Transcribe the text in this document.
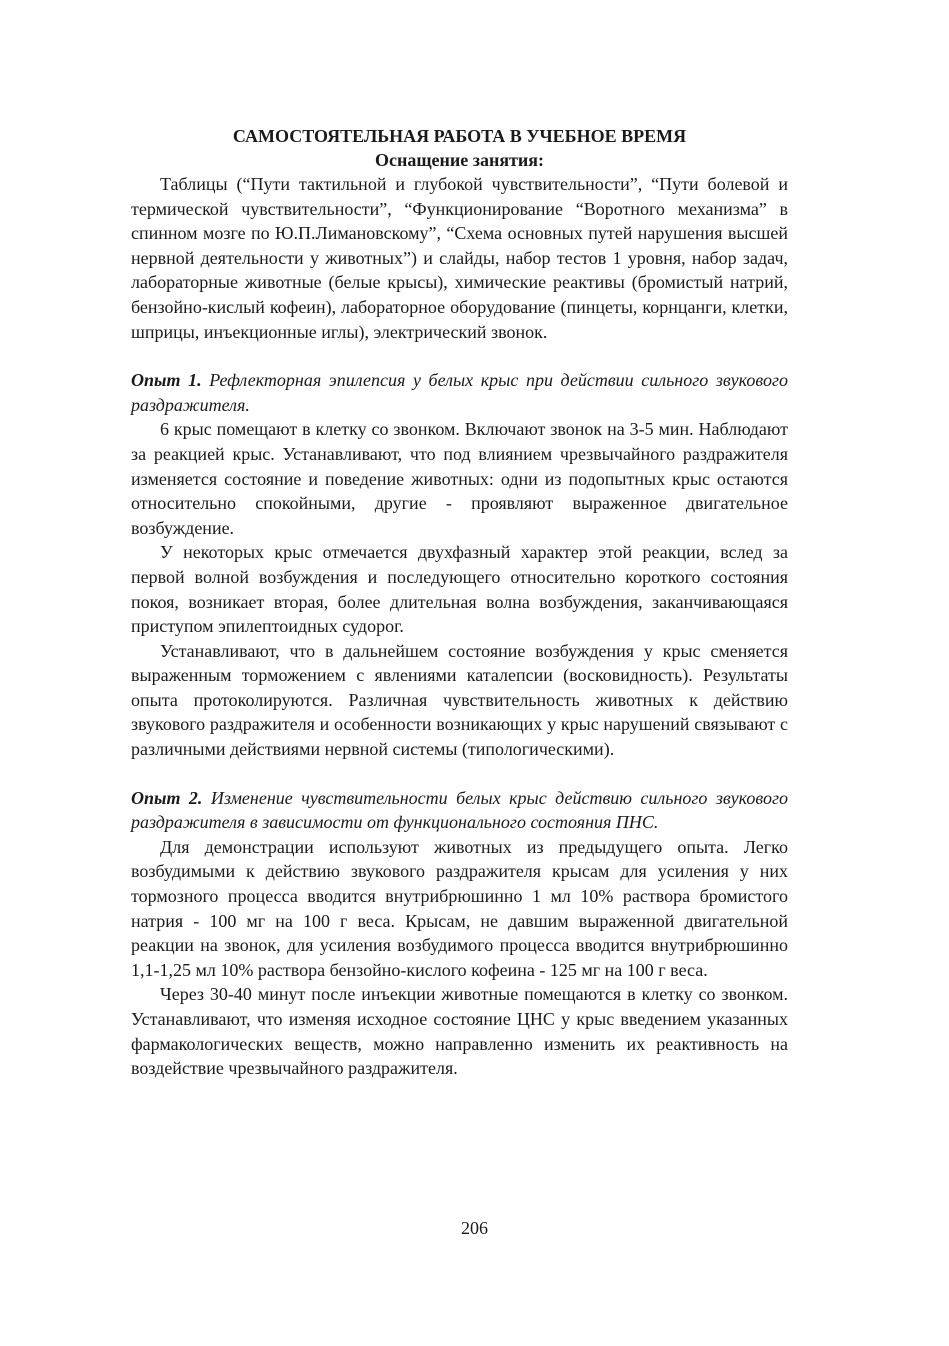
САМОСТОЯТЕЛЬНАЯ РАБОТА В УЧЕБНОЕ ВРЕМЯ
Оснащение занятия:

Таблицы (“Пути тактильной и глубокой чувствительности”, “Пути болевой и термической чувствительности”, “Функционирование “Воротного механизма” в спинном мозге по Ю.П.Лимановскому”, “Схема основных путей нарушения высшей нервной деятельности у животных”) и слайды, набор тестов 1 уровня, набор задач, лабораторные животные (белые крысы), химические реактивы (бромистый натрий, бензойно-кислый кофеин), лабораторное оборудование (пинцеты, корнцанги, клетки, шприцы, инъекционные иглы), электрический звонок.

Опыт 1. Рефлекторная эпилепсия у белых крыс при действии сильного звукового раздражителя.

6 крыс помещают в клетку со звонком. Включают звонок на 3-5 мин. Наблюдают за реакцией крыс. Устанавливают, что под влиянием чрезвычайного раздражителя изменяется состояние и поведение животных: одни из подопытных крыс остаются относительно спокойными, другие - проявляют выраженное двигательное возбуждение.

У некоторых крыс отмечается двухфазный характер этой реакции, вслед за первой волной возбуждения и последующего относительно короткого состояния покоя, возникает вторая, более длительная волна возбуждения, заканчивающаяся приступом эпилептоидных судорог.

Устанавливают, что в дальнейшем состояние возбуждения у крыс сменяется выраженным торможением с явлениями каталепсии (восковидность). Результаты опыта протоколируются. Различная чувствительность животных к действию звукового раздражителя и особенности возникающих у крыс нарушений связывают с различными действиями нервной системы (типологическими).

Опыт 2. Изменение чувствительности белых крыс действию сильного звукового раздражителя в зависимости от функционального состояния ПНС.

Для демонстрации используют животных из предыдущего опыта. Легко возбудимыми к действию звукового раздражителя крысам для усиления у них тормозного процесса вводится внутрибрюшинно 1 мл 10% раствора бромистого натрия - 100 мг на 100 г веса. Крысам, не давшим выраженной двигательной реакции на звонок, для усиления возбудимого процесса вводится внутрибрюшинно 1,1-1,25 мл 10% раствора бензойно-кислого кофеина - 125 мг на 100 г веса.

Через 30-40 минут после инъекции животные помещаются в клетку со звонком. Устанавливают, что изменяя исходное состояние ЦНС у крыс введением указанных фармакологических веществ, можно направленно изменить их реактивность на воздействие чрезвычайного раздражителя.

206
